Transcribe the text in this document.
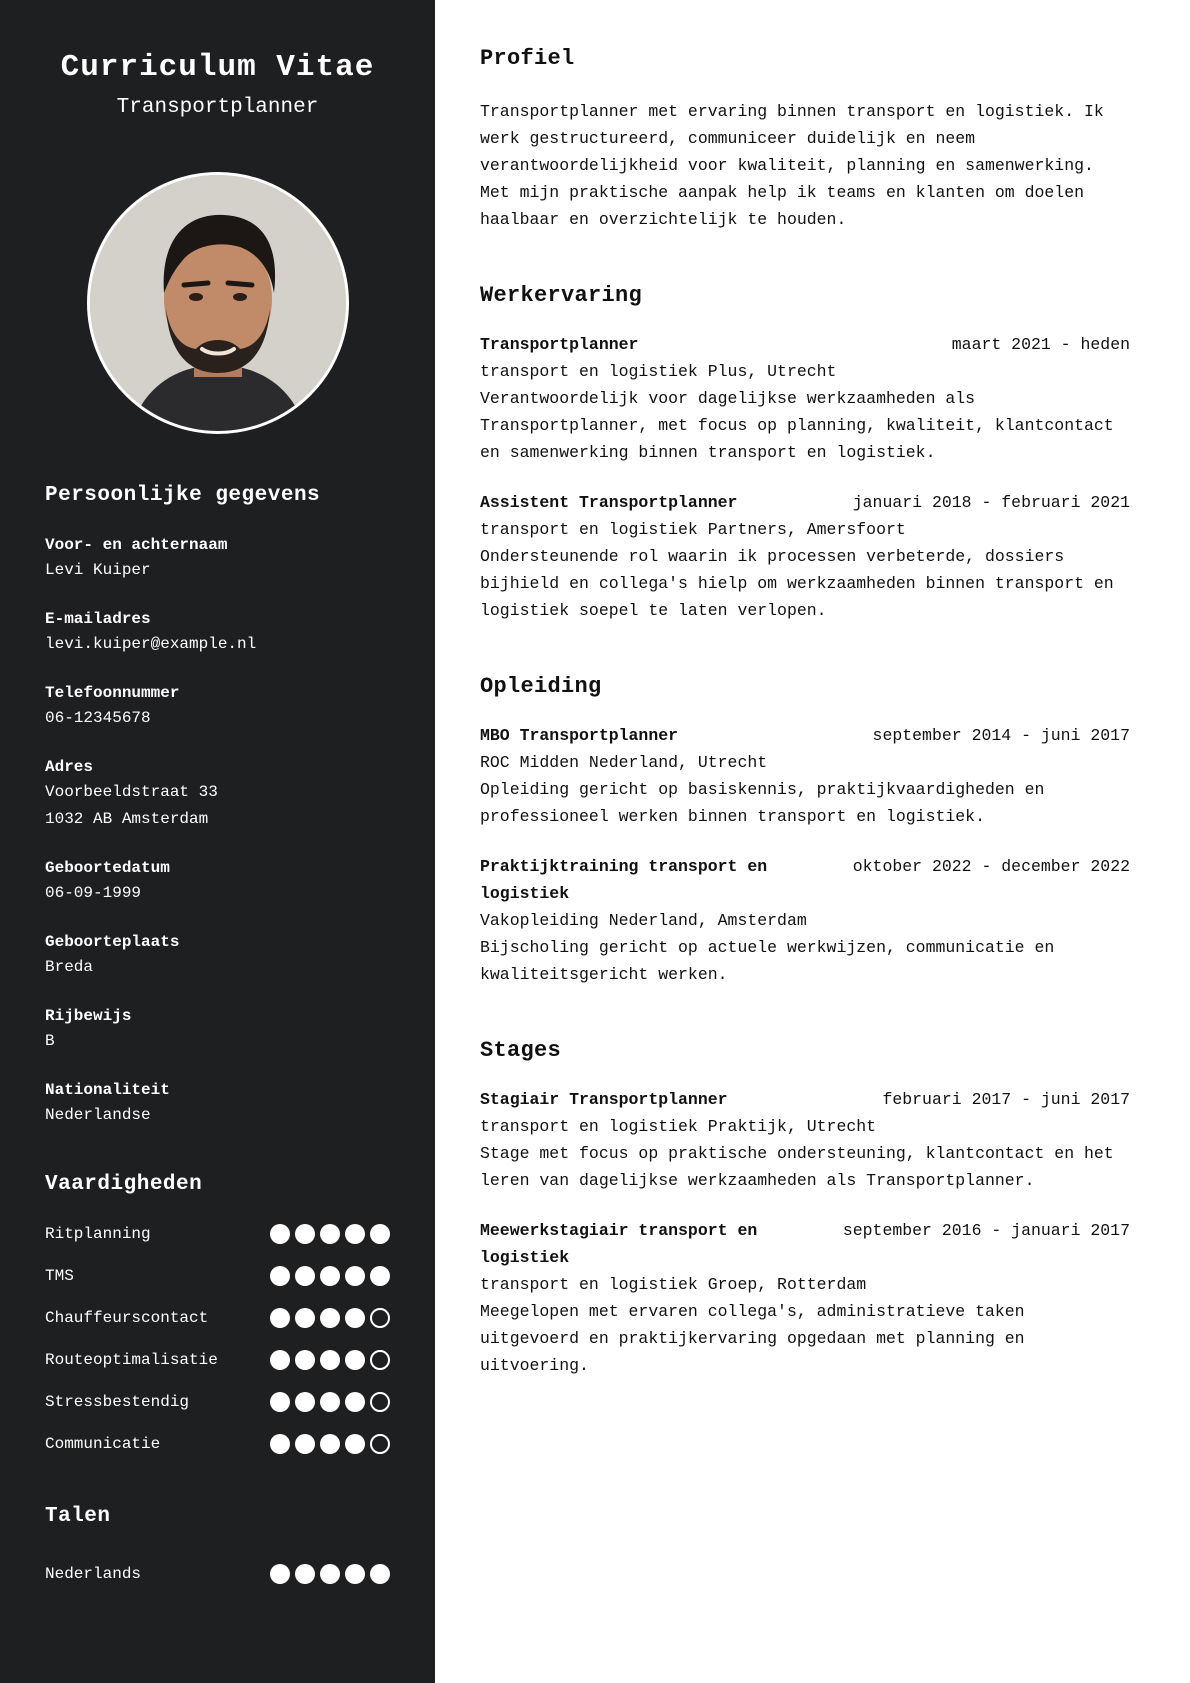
Curriculum Vitae
Transportplanner
Persoonlijke gegevens
Voor- en achternaam
Levi Kuiper
E-mailadres
levi.kuiper@example.nl
Telefoonnummer
06-12345678
Adres
Voorbeeldstraat 33
1032 AB Amsterdam
Geboortedatum
06-09-1999
Geboorteplaats
Breda
Rijbewijs
B
Nationaliteit
Nederlandse
Vaardigheden
Ritplanning
TMS
Chauffeurscontact
Routeoptimalisatie
Stressbestendig
Communicatie
Talen
Nederlands
Profiel

Transportplanner met ervaring binnen transport en logistiek. Ik werk gestructureerd, communiceer duidelijk en neem verantwoordelijkheid voor kwaliteit, planning en samenwerking. Met mijn praktische aanpak help ik teams en klanten om doelen haalbaar en overzichtelijk te houden.

Werkervaring
Transportplanner	maart 2021 - heden
transport en logistiek Plus, Utrecht
Verantwoordelijk voor dagelijkse werkzaamheden als Transportplanner, met focus op planning, kwaliteit, klantcontact en samenwerking binnen transport en logistiek.
Assistent Transportplanner	januari 2018 - februari 2021
transport en logistiek Partners, Amersfoort
Ondersteunende rol waarin ik processen verbeterde, dossiers bijhield en collega's hielp om werkzaamheden binnen transport en logistiek soepel te laten verlopen.
Opleiding
MBO Transportplanner	september 2014 - juni 2017
ROC Midden Nederland, Utrecht
Opleiding gericht op basiskennis, praktijkvaardigheden en professioneel werken binnen transport en logistiek.
Praktijktraining transport en logistiek
oktober 2022 - december 2022
Vakopleiding Nederland, Amsterdam
Bijscholing gericht op actuele werkwijzen, communicatie en kwaliteitsgericht werken.
Stages
Stagiair Transportplanner	februari 2017 - juni 2017
transport en logistiek Praktijk, Utrecht
Stage met focus op praktische ondersteuning, klantcontact en het leren van dagelijkse werkzaamheden als Transportplanner.
Meewerkstagiair transport en logistiek
september 2016 - januari 2017
transport en logistiek Groep, Rotterdam
Meegelopen met ervaren collega's, administratieve taken uitgevoerd en praktijkervaring opgedaan met planning en uitvoering.
